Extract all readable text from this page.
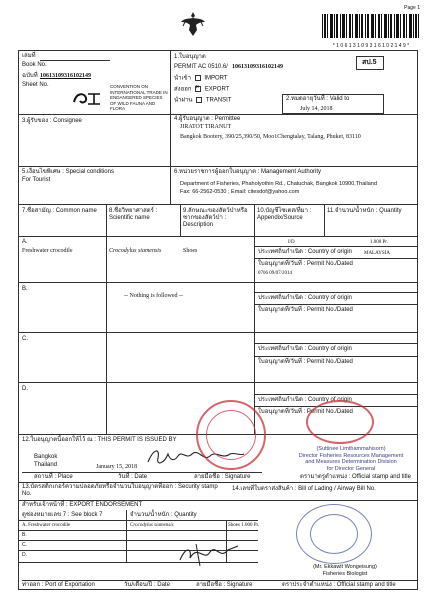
Page 1
* 1 0 6 1 3 1 0 9 3 1 6 1 0 2 1 4 9 *
เล่มที่
Book No.
ฉบับที่ 10613109316102149
Sheet No.	CONVENTION ON INTERNATIONAL TRADE IN ENDANGERED SPECIES OF WILD FAUNA AND FLORA
1.ใบอนุญาต
PERMIT AC 0510.6/ 10613109316102149
สป.5
นำเข้า IMPORT
ส่งออก × EXPORT
นำผ่าน TRANSIT	2.หมดอายุวันที่ : Valid to
July 14, 2018
3.ผู้รับของ : Consignee	4.ผู้รับอนุญาต : Permittee
JIRATOT TIRANUT
Bangkok Bootery, 390/25,390/50, Moo1Chengtalay, Talang, Phuket, 83110
5.เงื่อนไขพิเศษ : Special conditions
For Tourist
6.หน่วยราชการผู้ออกใบอนุญาต : Management Authority
Department of Fisheries, Phaholyothin Rd., Chatuchak, Bangkok 10900,Thailand
Fax: 66-2562-0530 ; Email: citesdof@yahoo.com
7.ชื่อสามัญ : Common name	8.ชื่อวิทยาศาสตร์ : Scientific name
9.ลักษณะของสัตว์ป่าหรือซากของสัตว์ป่า : Description
10.บัญชีไซเตส/ที่มา : Appendix/Source
11.จำนวน/น้ำหนัก : Quantity
A.
Freshwater crocodile	Crocodylus siamensis	Shoes
I/D	1.000 Pr.
ประเทศถิ่นกำเนิด : Country of origin MALAYSIA
ใบอนุญาตที่/วันที่ : Permit No./Dated
0706 09/07/2014
B.
-- Nothing is followed --	ประเทศถิ่นกำเนิด : Country of origin
ใบอนุญาตที่/วันที่ : Permit No./Dated
C.
ประเทศถิ่นกำเนิด : Country of origin
ใบอนุญาตที่/วันที่ : Permit No./Dated
D.
ประเทศถิ่นกำเนิด : Country of origin
ใบอนุญาตที่/วันที่ : Permit No./Dated
12.ใบอนุญาตนี้ออกให้ไว้ ณ : THIS PERMIT IS ISSUED BY
Bangkok
Thailand	January 15, 2018
สถานที่ : Place	วันที่ : Date	ลายมือชื่อ : Signature
(Suttinee Limthammahisorn)
Director Fisheries Resources Management
and Measures Determination Division
for Director General
ตรามาตรูตำแหน่ง : Official stamp and title
13.บัตรสติกเกอร์ความปลอดภัยหรือจำนวนใบอนุญาตที่ออก : Security stamp No.
14.เลขที่ใบตราส่งสินค้า : Bill of Lading / Airway Bill No.
สำหรับเจ้าหน้าที่ : EXPORT ENDORSEMENT
ดูช่องหมายเลข 7 : See block 7	จำนวน/น้ำหนัก : Quantity
A. Freshwater crocodile	Crocodylus siamensis	Shoes 1.000 Pr.
B.
C.
D.
(Mr. Ekkawit Wongeisung)
Fisheries Biologist
ท่าออก : Port of Exportation	วัน/เดือน/ปี : Date	ลายมือชื่อ : Signature	ตราประจำตำแหน่ง : Official stamp and title
